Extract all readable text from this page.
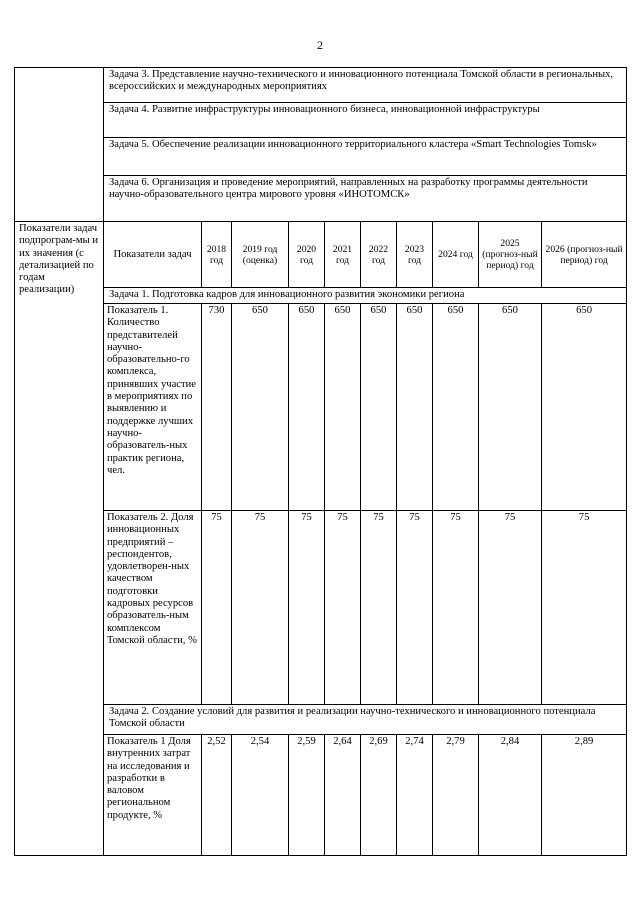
2
	Задача 3. Представление научно-технического и инновационного потенциала Томской области в региональных, всероссийских и международных мероприятиях									
	Задача 4. Развитие инфраструктуры инновационного бизнеса, инновационной инфраструктуры									
	Задача 5. Обеспечение реализации инновационного территориального кластера «Smart Technologies Tomsk»									
	Задача 6. Организация и проведение мероприятий, направленных на разработку программы деятельности научно-образовательного центра мирового уровня «ИНОТОМСК»									
Показатели задач подпрограм-мы и их значения (с детализацией по годам реализации)	Показатели задач	2018 год	2019 год (оценка)	2020 год	2021 год	2022 год	2023 год	2024 год	2025 (прогноз-ный период) год	2026 (прогноз-ный период) год
	Задача 1. Подготовка кадров для инновационного развития экономики региона									
	Показатель 1. Количество представителей научно-образовательно-го комплекса, принявших участие в мероприятиях по выявлению и поддержке лучших научно-образователь-ных практик региона, чел.	730	650	650	650	650	650	650	650	650
	Показатель 2. Доля инновационных предприятий – респондентов, удовлетворен-ных качеством подготовки кадровых ресурсов образователь-ным комплексом Томской области, %	75	75	75	75	75	75	75	75	75
	Задача 2. Создание условий для развития и реализации научно-технического и инновационного потенциала Томской области									
	Показатель 1 Доля внутренних затрат на исследования и разработки в валовом региональном продукте, %	2,52	2,54	2,59	2,64	2,69	2,74	2,79	2,84	2,89
